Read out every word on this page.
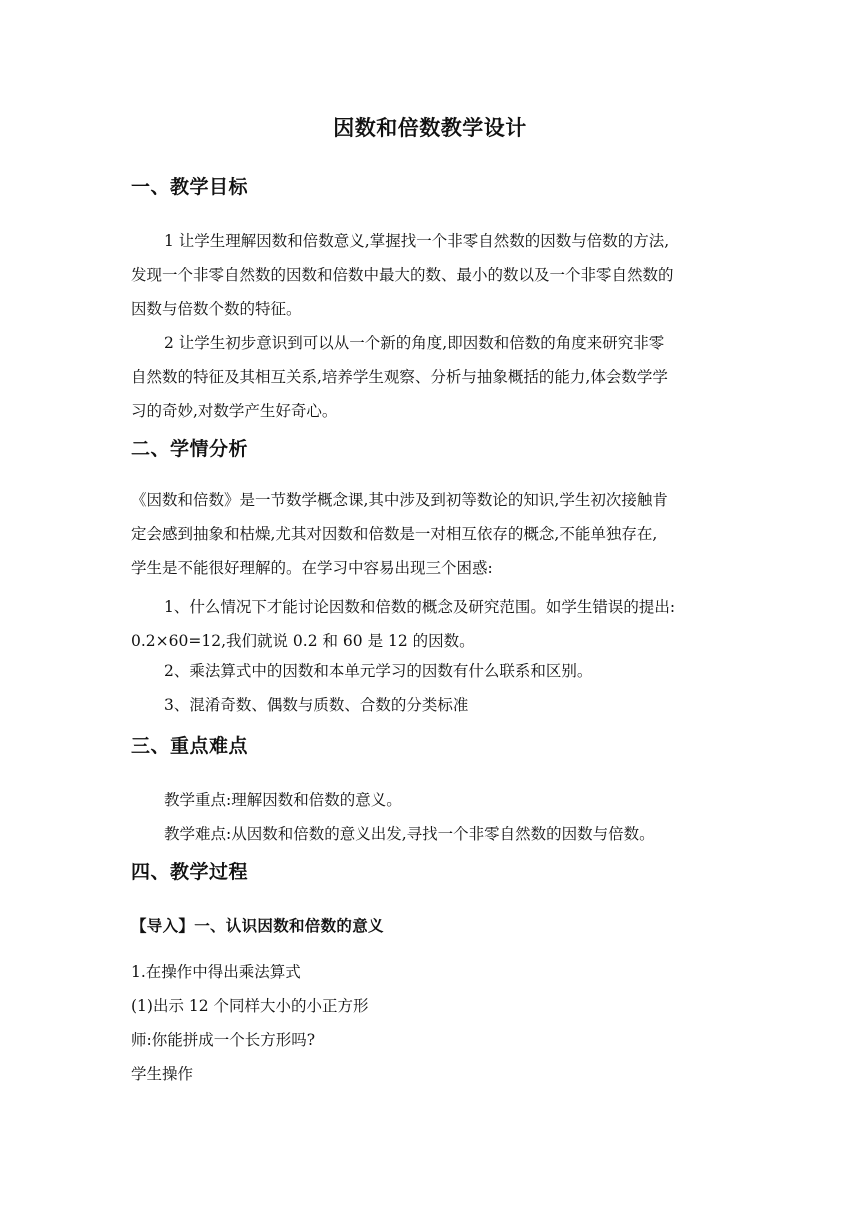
因数和倍数教学设计
一、教学目标
1 让学生理解因数和倍数意义,掌握找一个非零自然数的因数与倍数的方法,
发现一个非零自然数的因数和倍数中最大的数、最小的数以及一个非零自然数的
因数与倍数个数的特征。
2 让学生初步意识到可以从一个新的角度,即因数和倍数的角度来研究非零
自然数的特征及其相互关系,培养学生观察、分析与抽象概括的能力,体会数学学
习的奇妙,对数学产生好奇心。
二、学情分析
《因数和倍数》是一节数学概念课,其中涉及到初等数论的知识,学生初次接触肯
定会感到抽象和枯燥,尤其对因数和倍数是一对相互依存的概念,不能单独存在,
学生是不能很好理解的。在学习中容易出现三个困惑:
1、什么情况下才能讨论因数和倍数的概念及研究范围。如学生错误的提出:
0.2×60=12,我们就说 0.2 和 60 是 12 的因数。
2、乘法算式中的因数和本单元学习的因数有什么联系和区别。
3、混淆奇数、偶数与质数、合数的分类标准
三、重点难点
教学重点:理解因数和倍数的意义。
教学难点:从因数和倍数的意义出发,寻找一个非零自然数的因数与倍数。
四、教学过程
【导入】一、认识因数和倍数的意义
1.在操作中得出乘法算式
(1)出示 12 个同样大小的小正方形
师:你能拼成一个长方形吗?
学生操作
